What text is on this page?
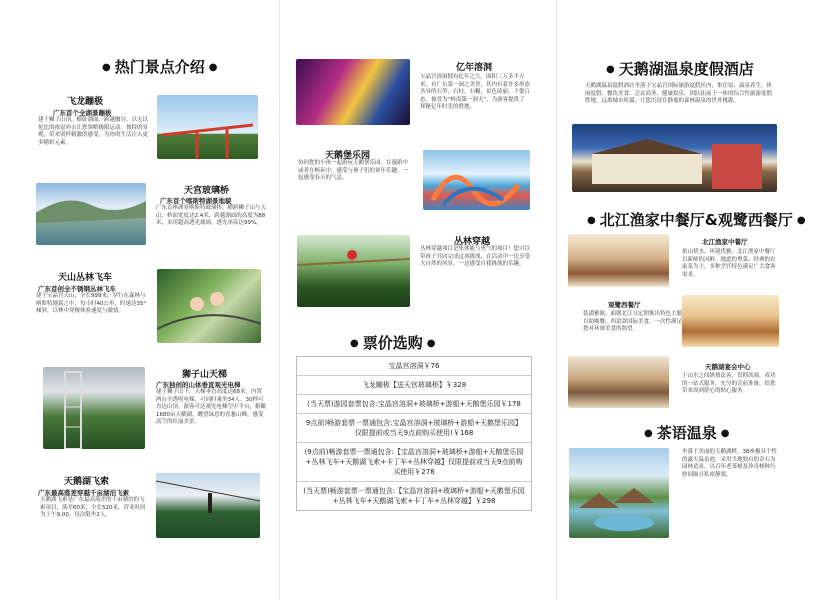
● 热门景点介绍 ●
飞龙蹦极
广东首个全湖景蹦极
建于狮子山顶，横卧湖面，跨越幽谷，以无以伦比的视觉冲击让您领略极限运动。独特的景观，带来别样刺激的感受，为你的生活注入更多精彩元素。
天宫玻璃桥
广东首个喀斯特湖景地貌
广东首座湖景喀斯特玻璃桥，横跨狮子山与天山，桥面宽度达2.4米，跨越湖面的高度为88米，采用超高透光玻璃，透光率高达99%。
天山丛林飞车
广东首创全不锈钢丛林飞车
建于宝晶宫天山，全长999米，穿行在森林与喀斯特地貌之中，每小时40公里，时速达35°倾斜，以林中穿梭体验速度与激情。
狮子山天梯
广东独创的山体垂直观光电梯
建于狮子山下，天梯垂直高度达68米，内置两台全透明电梯，可同时乘坐34人，30秒可直达山顶，游客可达观光电梯空中平台，俯瞰1680亩天鹅湖，眺望绿意的青葱山峰，感受高空的壮丽美景。
天鹅湖飞索
广东最高落差穿越千亩湖泊飞索
天鹅湖飞索是广东最高落差的千亩湖泊的飞索项目，落差60米，全长520米，营业时间为上午9:00，每次限坐2人。
亿年溶洞
宝晶宫溶洞拥有亿年之久，面积三万多平方米，有广东第一洞之美誉，其内有着许多形态各异的石笋、石柱、石幔，景色绮丽，千姿百态，被誉为“岭南第一洞天”，为游客提供了探秘亿年时光的胜地。
天鹅堡乐园
协同您的小孩一起游玩天鹅堡乐园，在漫游中或者在畅玩中，感受与孩子们的童年乐趣，一起感受春天的气息。
丛林穿越
丛林穿越项目是集体能与勇气的项目！您可以带孩子共同完成这项挑战，在活动中一边享受大自然的风景，一边感受自我挑战的乐趣。
● 票价选购 ●
宝晶宫溶洞￥76
飞龙蹦极【送天宫玻璃桥】￥328
(当天票)游园套票包含:宝晶宫溶洞+玻璃桥+游船+天鹅堡乐园￥178
9点前)畅游套票一票通包含:宝晶宫溶洞+玻璃桥+游船+天鹅堡乐园】仅限提前或当天9点前购买使用!￥168
(9点前)畅游套票一票通包含:【宝晶宫溶洞+玻璃桥+游船+天鹅堡乐园+丛林飞车+天鹅湖飞索+卡丁车+丛林穿越】仅限提前或当天9点前购买使用￥278
(当天票)畅游套票一票通包含:【宝晶宫溶洞+玻璃桥+游船+天鹅堡乐园+丛林飞车+天鹅湖飞索+卡丁车+丛林穿越】￥298
● 天鹅湖温泉度假酒店
天鹅湖温泉度假酒店坐落于宝晶宫国际旅游度假区内，集住宿、温泉养生、休闲度假、餐饮美食、会议商务、健康娱乐、团队拓展于一体的综合性旅游度假胜地，远离城市喧嚣，让您沉浸在静谧的森林温泉的世外桃源。
● 北江渔家中餐厅&观鹭西餐厅 ●
北江渔家中餐厅
依山傍水，环境优雅，北江渔家中餐厅以新鲜的河鲜，地道的粤菜、经典的农家菜为主，多种烹饪特色满足广大食客需求。
观鹭西餐厅
装潢雅致，面朝北江且定期推出特色主题自助晚餐，西余款国际美食，一次性满足您对环球美食的渴望。
天鹅湖宴会中心
于山水之间纵情法善，贯彻高端。成功的一站式服务，充分的会前准备，给您带来周到舒心的贴心服务。
● 茶语温泉 ●
坐落于美丽的天鹅湖畔，38座极具个性的露天温泉池，采用当地独有的奇石为园林造景，以百年老茶树及珍奇树种巧妙间隔且私密静谧。
